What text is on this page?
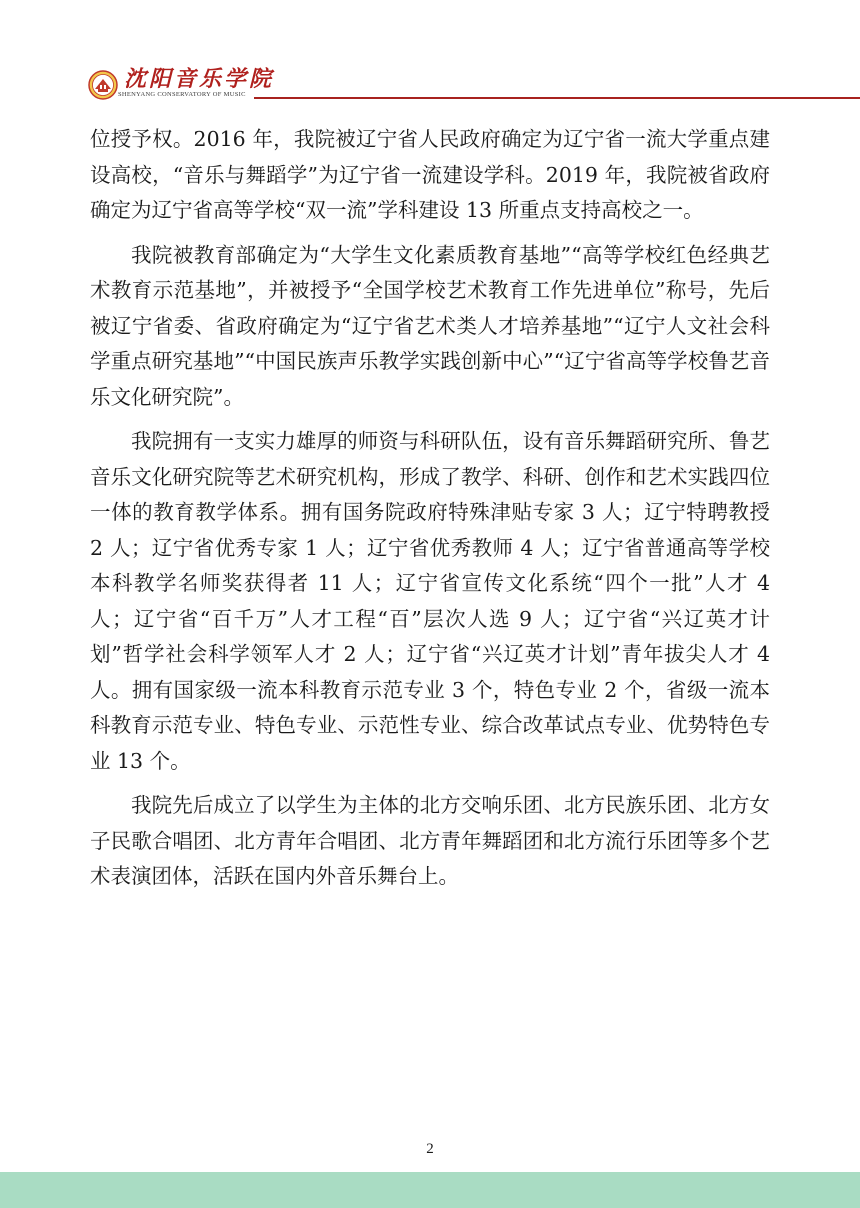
沈阳音乐学院
SHENYANG CONSERVATORY OF MUSIC

位授予权。2016 年，我院被辽宁省人民政府确定为辽宁省一流大学重点建设高校，“音乐与舞蹈学”为辽宁省一流建设学科。2019 年，我院被省政府确定为辽宁省高等学校“双一流”学科建设 13 所重点支持高校之一。

我院被教育部确定为“大学生文化素质教育基地”“高等学校红色经典艺术教育示范基地”，并被授予“全国学校艺术教育工作先进单位”称号，先后被辽宁省委、省政府确定为“辽宁省艺术类人才培养基地”“辽宁人文社会科学重点研究基地”“中国民族声乐教学实践创新中心”“辽宁省高等学校鲁艺音乐文化研究院”。

我院拥有一支实力雄厚的师资与科研队伍，设有音乐舞蹈研究所、鲁艺音乐文化研究院等艺术研究机构，形成了教学、科研、创作和艺术实践四位一体的教育教学体系。拥有国务院政府特殊津贴专家 3 人；辽宁特聘教授 2 人；辽宁省优秀专家 1 人；辽宁省优秀教师 4 人；辽宁省普通高等学校本科教学名师奖获得者 11 人；辽宁省宣传文化系统“四个一批”人才 4 人；辽宁省“百千万”人才工程“百”层次人选 9 人；辽宁省“兴辽英才计划”哲学社会科学领军人才 2 人；辽宁省“兴辽英才计划”青年拔尖人才 4 人。拥有国家级一流本科教育示范专业 3 个，特色专业 2 个，省级一流本科教育示范专业、特色专业、示范性专业、综合改革试点专业、优势特色专业 13 个。

我院先后成立了以学生为主体的北方交响乐团、北方民族乐团、北方女子民歌合唱团、北方青年合唱团、北方青年舞蹈团和北方流行乐团等多个艺术表演团体，活跃在国内外音乐舞台上。

2
